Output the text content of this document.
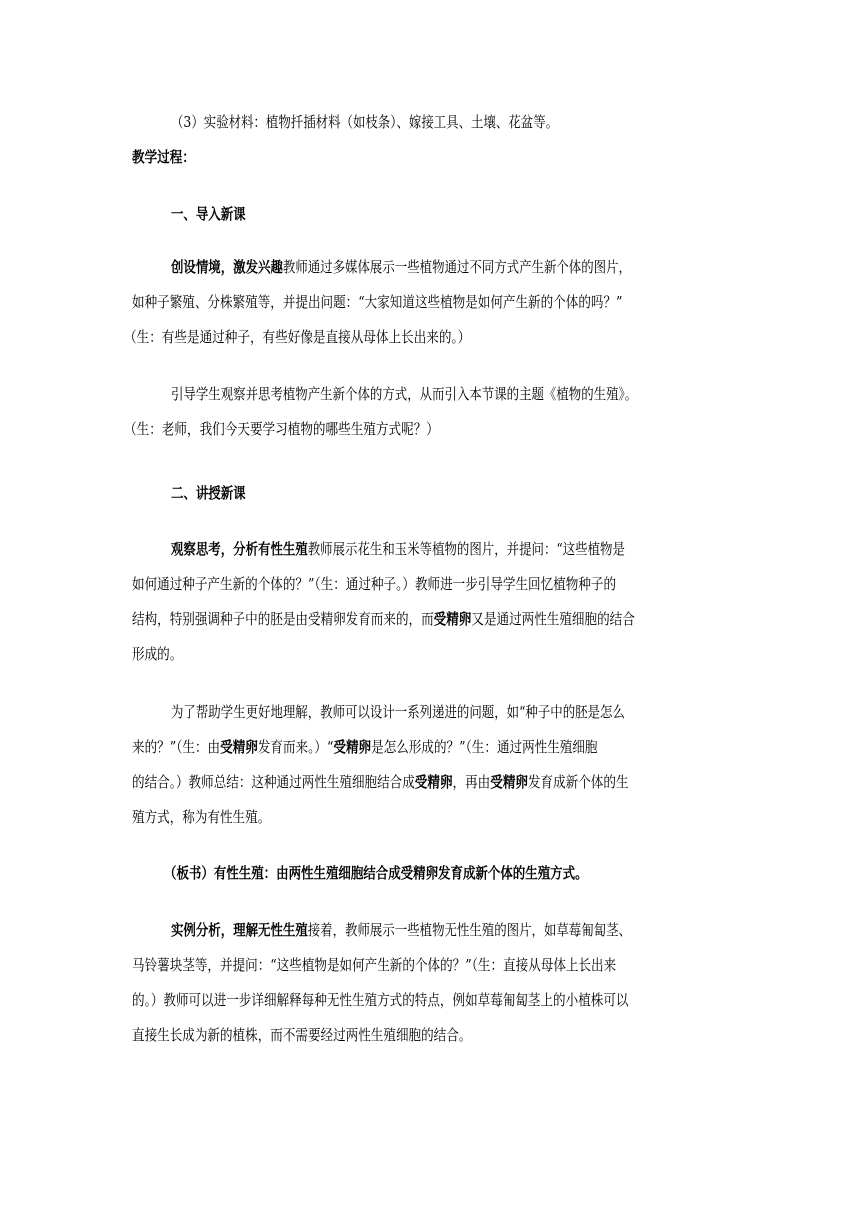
（3）实验材料：植物扦插材料（如枝条）、嫁接工具、土壤、花盆等。
教学过程：
一、导入新课
创设情境，激发兴趣教师通过多媒体展示一些植物通过不同方式产生新个体的图片，
如种子繁殖、分株繁殖等，并提出问题：“大家知道这些植物是如何产生新的个体的吗？”
（生：有些是通过种子，有些好像是直接从母体上长出来的。）
引导学生观察并思考植物产生新个体的方式，从而引入本节课的主题《植物的生殖》。
（生：老师，我们今天要学习植物的哪些生殖方式呢？）
二、讲授新课
观察思考，分析有性生殖教师展示花生和玉米等植物的图片，并提问：“这些植物是
如何通过种子产生新的个体的？”（生：通过种子。）教师进一步引导学生回忆植物种子的
结构，特别强调种子中的胚是由受精卵发育而来的，而受精卵又是通过两性生殖细胞的结合
形成的。
为了帮助学生更好地理解，教师可以设计一系列递进的问题，如“种子中的胚是怎么
来的？”（生：由受精卵发育而来。）“受精卵是怎么形成的？”（生：通过两性生殖细胞
的结合。）教师总结：这种通过两性生殖细胞结合成受精卵，再由受精卵发育成新个体的生
殖方式，称为有性生殖。
（板书）有性生殖：由两性生殖细胞结合成受精卵发育成新个体的生殖方式。
实例分析，理解无性生殖接着，教师展示一些植物无性生殖的图片，如草莓匍匐茎、
马铃薯块茎等，并提问：“这些植物是如何产生新的个体的？”（生：直接从母体上长出来
的。）教师可以进一步详细解释每种无性生殖方式的特点，例如草莓匍匐茎上的小植株可以
直接生长成为新的植株，而不需要经过两性生殖细胞的结合。
